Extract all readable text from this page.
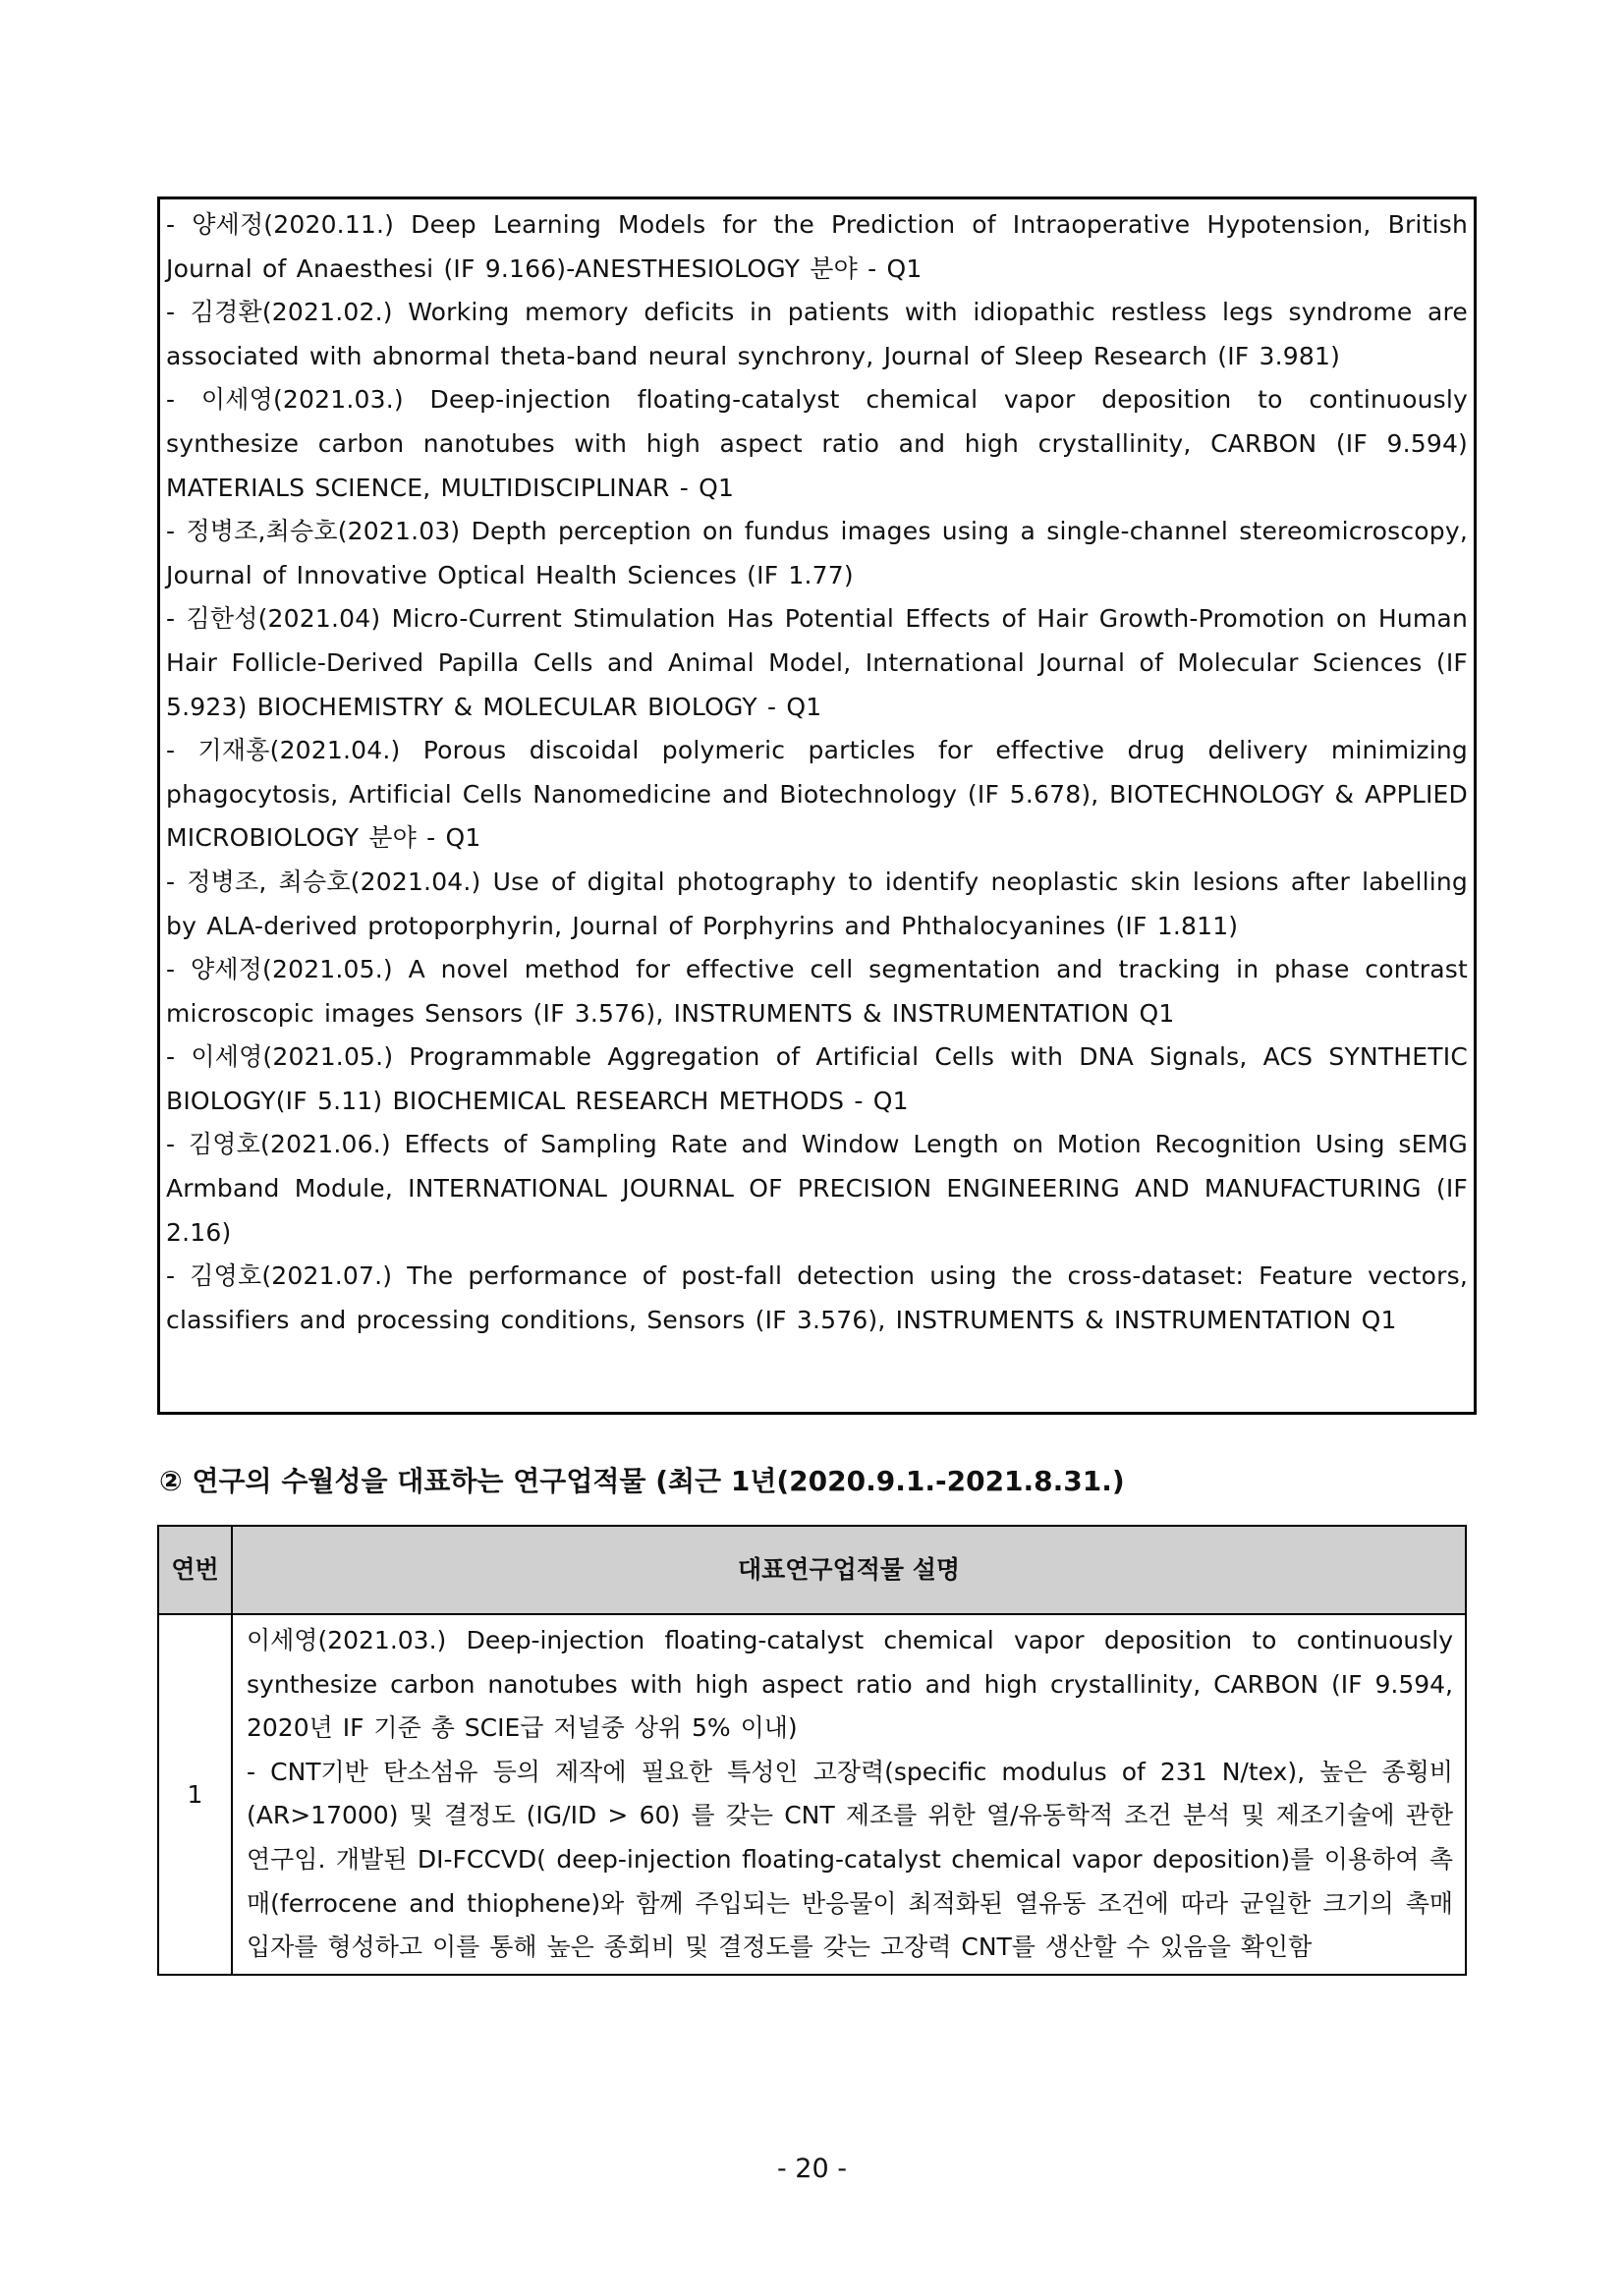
- 양세정(2020.11.) Deep Learning Models for the Prediction of Intraoperative Hypotension, British Journal of Anaesthesi (IF 9.166)-ANESTHESIOLOGY 분야 - Q1

- 김경환(2021.02.) Working memory deficits in patients with idiopathic restless legs syndrome are associated with abnormal theta-band neural synchrony, Journal of Sleep Research (IF 3.981)

- 이세영(2021.03.) Deep-injection floating-catalyst chemical vapor deposition to continuously synthesize carbon nanotubes with high aspect ratio and high crystallinity, CARBON (IF 9.594) MATERIALS SCIENCE, MULTIDISCIPLINAR - Q1

- 정병조,최승호(2021.03) Depth perception on fundus images using a single-channel stereomicroscopy, Journal of Innovative Optical Health Sciences (IF 1.77)

- 김한성(2021.04) Micro-Current Stimulation Has Potential Effects of Hair Growth-Promotion on Human Hair Follicle-Derived Papilla Cells and Animal Model, International Journal of Molecular Sciences (IF 5.923) BIOCHEMISTRY & MOLECULAR BIOLOGY - Q1

- 기재홍(2021.04.) Porous discoidal polymeric particles for effective drug delivery minimizing phagocytosis, Artificial Cells Nanomedicine and Biotechnology (IF 5.678), BIOTECHNOLOGY & APPLIED MICROBIOLOGY 분야 - Q1

- 정병조, 최승호(2021.04.) Use of digital photography to identify neoplastic skin lesions after labelling by ALA-derived protoporphyrin, Journal of Porphyrins and Phthalocyanines (IF 1.811)

- 양세정(2021.05.) A novel method for effective cell segmentation and tracking in phase contrast microscopic images Sensors (IF 3.576), INSTRUMENTS & INSTRUMENTATION Q1

- 이세영(2021.05.) Programmable Aggregation of Artificial Cells with DNA Signals, ACS SYNTHETIC BIOLOGY(IF 5.11) BIOCHEMICAL RESEARCH METHODS - Q1

- 김영호(2021.06.) Effects of Sampling Rate and Window Length on Motion Recognition Using sEMG Armband Module, INTERNATIONAL JOURNAL OF PRECISION ENGINEERING AND MANUFACTURING (IF 2.16)

- 김영호(2021.07.) The performance of post-fall detection using the cross-dataset: Feature vectors, classifiers and processing conditions, Sensors (IF 3.576), INSTRUMENTS & INSTRUMENTATION Q1

② 연구의 수월성을 대표하는 연구업적물 (최근 1년(2020.9.1.-2021.8.31.)
연번	대표연구업적물 설명
1	이세영(2021.03.) Deep-injection floating-catalyst chemical vapor deposition to continuously synthesize carbon nanotubes with high aspect ratio and high crystallinity, CARBON (IF 9.594, 2020년 IF 기준 총 SCIE급 저널중 상위 5% 이내)

- CNT기반 탄소섬유 등의 제작에 필요한 특성인 고장력(specific modulus of 231 N/tex), 높은 종횡비 (AR>17000) 및 결정도 (IG/ID > 60) 를 갖는 CNT 제조를 위한 열/유동학적 조건 분석 및 제조기술에 관한 연구임. 개발된 DI-FCCVD( deep-injection floating-catalyst chemical vapor deposition)를 이용하여 촉매(ferrocene and thiophene)와 함께 주입되는 반응물이 최적화된 열유동 조건에 따라 균일한 크기의 촉매입자를 형성하고 이를 통해 높은 종회비 및 결정도를 갖는 고장력 CNT를 생산할 수 있음을 확인함

- 20 -
